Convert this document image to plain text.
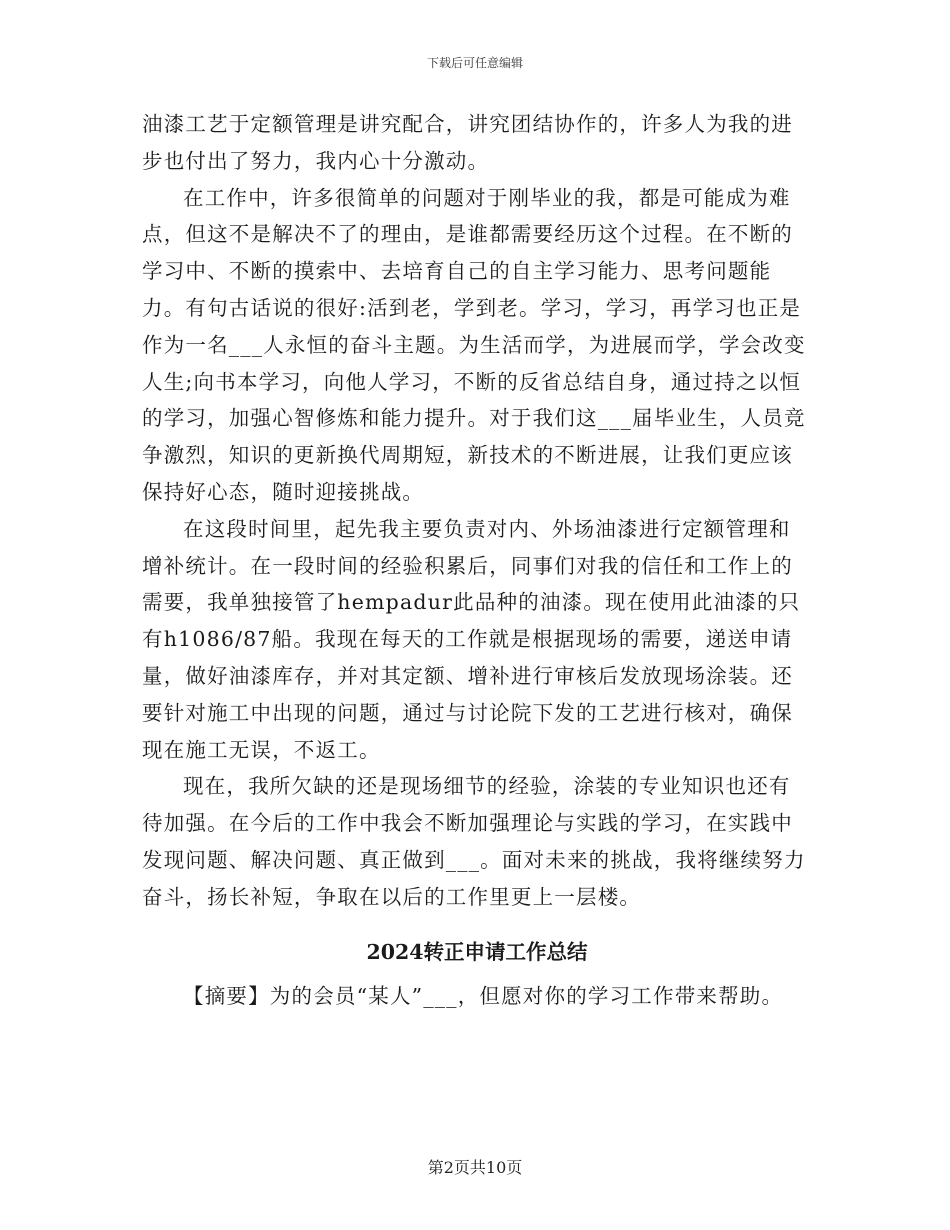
下载后可任意编辑

油漆工艺于定额管理是讲究配合，讲究团结协作的，许多人为我的进步也付出了努力，我内心十分激动。

在工作中，许多很简单的问题对于刚毕业的我，都是可能成为难点，但这不是解决不了的理由，是谁都需要经历这个过程。在不断的学习中、不断的摸索中、去培育自己的自主学习能力、思考问题能力。有句古话说的很好:活到老，学到老。学习，学习，再学习也正是作为一名___人永恒的奋斗主题。为生活而学，为进展而学，学会改变人生;向书本学习，向他人学习，不断的反省总结自身，通过持之以恒的学习，加强心智修炼和能力提升。对于我们这___届毕业生，人员竞争激烈，知识的更新换代周期短，新技术的不断进展，让我们更应该保持好心态，随时迎接挑战。

在这段时间里，起先我主要负责对内、外场油漆进行定额管理和增补统计。在一段时间的经验积累后，同事们对我的信任和工作上的需要，我单独接管了hempadur此品种的油漆。现在使用此油漆的只有h1086/87船。我现在每天的工作就是根据现场的需要，递送申请量，做好油漆库存，并对其定额、增补进行审核后发放现场涂装。还要针对施工中出现的问题，通过与讨论院下发的工艺进行核对，确保现在施工无误，不返工。

现在，我所欠缺的还是现场细节的经验，涂装的专业知识也还有待加强。在今后的工作中我会不断加强理论与实践的学习，在实践中发现问题、解决问题、真正做到___。面对未来的挑战，我将继续努力奋斗，扬长补短，争取在以后的工作里更上一层楼。

2024转正申请工作总结

【摘要】为的会员“某人”___，但愿对你的学习工作带来帮助。

第2页共10页
